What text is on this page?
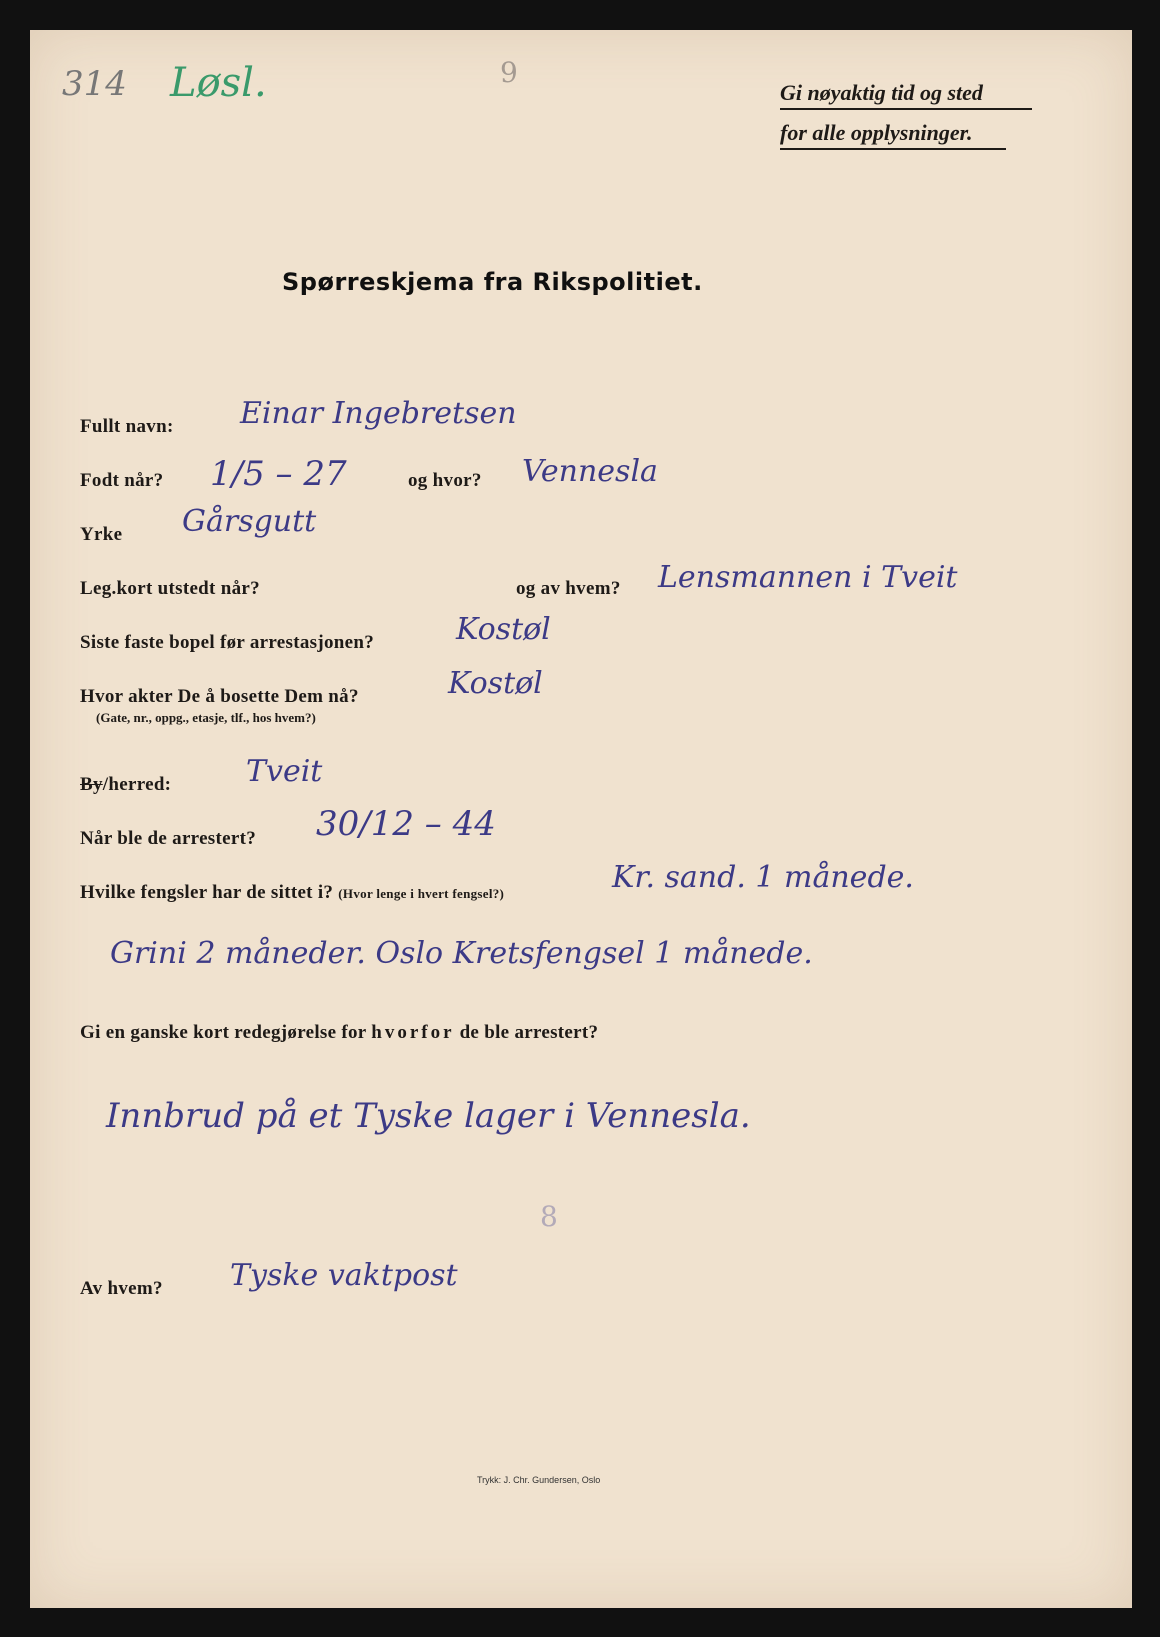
314 Løsl.	9
Gi nøyaktig tid og sted
for alle opplysninger.
Spørreskjema fra Rikspolitiet.
Fullt navn: Einar Ingebretsen
Fodt når? 1/5 – 27	og hvor? Vennesla
Yrke Gårsgutt
Leg.kort utstedt når?	og av hvem? Lensmannen i Tveit
Siste faste bopel før arrestasjonen?	Kostøl
Hvor akter De å bosette Dem nå?
(Gate, nr., oppg., etasje, tlf., hos hvem?)
Kostøl
By/herred: Tveit
Når ble de arrestert? 30/12 – 44
Hvilke fengsler har de sittet i? (Hvor lenge i hvert fengsel?)	Kr. sand. 1 månede.
Grini 2 måneder. Oslo Kretsfengsel 1 månede.
Gi en ganske kort redegjørelse for hvorfor de ble arrestert?
Innbrud på et Tyske lager i Vennesla.
8
Av hvem? Tyske vaktpost
Trykk: J. Chr. Gundersen, Oslo
